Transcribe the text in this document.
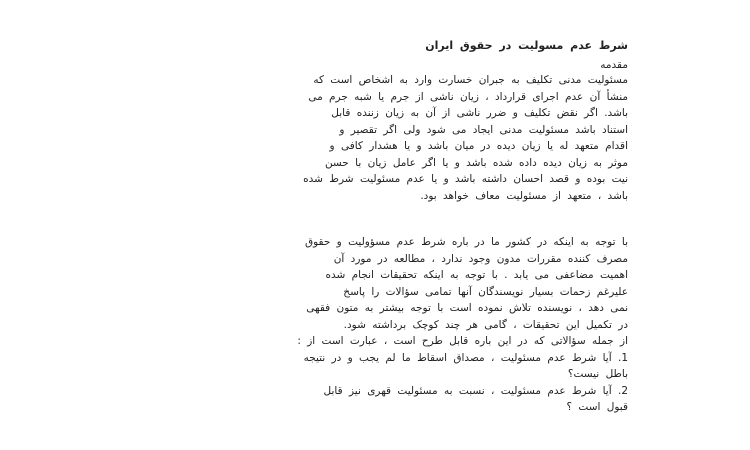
شرط عدم مسولیت در حقوق ایران
مقدمه
مسئولیت مدنی تکلیف به جبران خسارت وارد به اشخاص است که
منشأ آن عدم اجرای قرارداد ، زیان ناشی از جرم یا شبه جرم می
باشد. اگر نقض تکلیف و ضرر ناشی از آن به زیان زننده قابل
استناد باشد مسئولیت مدنی ایجاد می شود ولی اگر تقصیر و
اقدام متعهد له یا زیان دیده در میان باشد و یا هشدار کافی و
موثر به زیان دیده داده شده باشد و یا اگر عامل زیان با حسن
نیت بوده و قصد احسان داشته باشد و یا عدم مسئولیت شرط شده
باشد ، متعهد از مسئولیت معاف خواهد بود.
با توجه به اینکه در کشور ما در باره شرط عدم مسؤولیت و حقوق
مصرف کننده مقررات مدون وجود ندارد ، مطالعه در مورد آن
اهمیت مضاعفی می یابد . با توجه به اینکه تحقیقات انجام شده
علیرغم زحمات بسیار نویسندگان آنها تمامی سؤالات را پاسخ
نمی دهد ، نویسنده تلاش نموده است با توجه بیشتر به متون فقهی
در تکمیل این تحقیقات ، گامی هر چند کوچک برداشته شود.
از جمله سؤالاتی که در این باره قابل طرح است ، عبارت است از :
1. آیا شرط عدم مسئولیت ، مصداق اسقاط ما لم یجب و در نتیجه
باطل نیست؟
2. آیا شرط عدم مسئولیت ، نسبت به مسئولیت قهری نیز قابل
قبول است ؟
